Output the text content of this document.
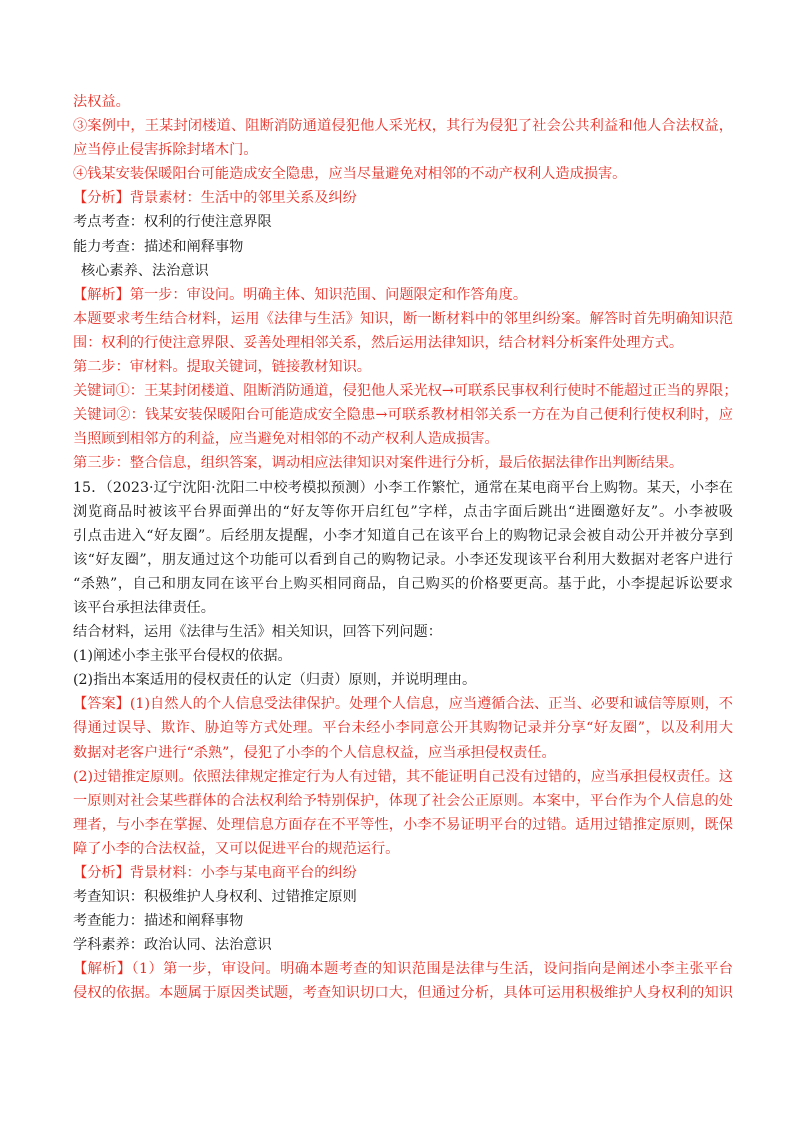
法权益。
③案例中，王某封闭楼道、阻断消防通道侵犯他人采光权，其行为侵犯了社会公共利益和他人合法权益，
应当停止侵害拆除封堵木门。
④钱某安装保暖阳台可能造成安全隐患，应当尽量避免对相邻的不动产权利人造成损害。
【分析】背景素材：生活中的邻里关系及纠纷
考点考查：权利的行使注意界限
能力考查：描述和阐释事物
核心素养、法治意识
【解析】第一步：审设问。明确主体、知识范围、问题限定和作答角度。
本题要求考生结合材料，运用《法律与生活》知识，断一断材料中的邻里纠纷案。解答时首先明确知识范
围：权利的行使注意界限、妥善处理相邻关系，然后运用法律知识，结合材料分析案件处理方式。
第二步：审材料。提取关键词，链接教材知识。
关键词①：王某封闭楼道、阻断消防通道，侵犯他人采光权→可联系民事权利行使时不能超过正当的界限；
关键词②：钱某安装保暖阳台可能造成安全隐患→可联系教材相邻关系一方在为自己便利行使权利时，应
当照顾到相邻方的利益，应当避免对相邻的不动产权利人造成损害。
第三步：整合信息，组织答案，调动相应法律知识对案件进行分析，最后依据法律作出判断结果。
15．（2023·辽宁沈阳·沈阳二中校考模拟预测）小李工作繁忙，通常在某电商平台上购物。某天，小李在
浏览商品时被该平台界面弹出的“好友等你开启红包”字样，点击字面后跳出“进圈邀好友”。小李被吸
引点击进入“好友圈”。后经朋友提醒，小李才知道自己在该平台上的购物记录会被自动公开并被分享到
该“好友圈”，朋友通过这个功能可以看到自己的购物记录。小李还发现该平台利用大数据对老客户进行
“杀熟”，自己和朋友同在该平台上购买相同商品，自己购买的价格要更高。基于此，小李提起诉讼要求
该平台承担法律责任。
结合材料，运用《法律与生活》相关知识，回答下列问题：
(1)阐述小李主张平台侵权的依据。
(2)指出本案适用的侵权责任的认定（归责）原则，并说明理由。
【答案】(1)自然人的个人信息受法律保护。处理个人信息，应当遵循合法、正当、必要和诚信等原则，不
得通过误导、欺诈、胁迫等方式处理。平台未经小李同意公开其购物记录并分享“好友圈”，以及利用大
数据对老客户进行“杀熟”，侵犯了小李的个人信息权益，应当承担侵权责任。
(2)过错推定原则。依照法律规定推定行为人有过错，其不能证明自己没有过错的，应当承担侵权责任。这
一原则对社会某些群体的合法权利给予特别保护，体现了社会公正原则。本案中，平台作为个人信息的处
理者，与小李在掌握、处理信息方面存在不平等性，小李不易证明平台的过错。适用过错推定原则，既保
障了小李的合法权益，又可以促进平台的规范运行。
【分析】背景材料：小李与某电商平台的纠纷
考查知识：积极维护人身权利、过错推定原则
考查能力：描述和阐释事物
学科素养：政治认同、法治意识
【解析】（1）第一步，审设问。明确本题考查的知识范围是法律与生活，设问指向是阐述小李主张平台
侵权的依据。本题属于原因类试题，考查知识切口大，但通过分析，具体可运用积极维护人身权利的知识
